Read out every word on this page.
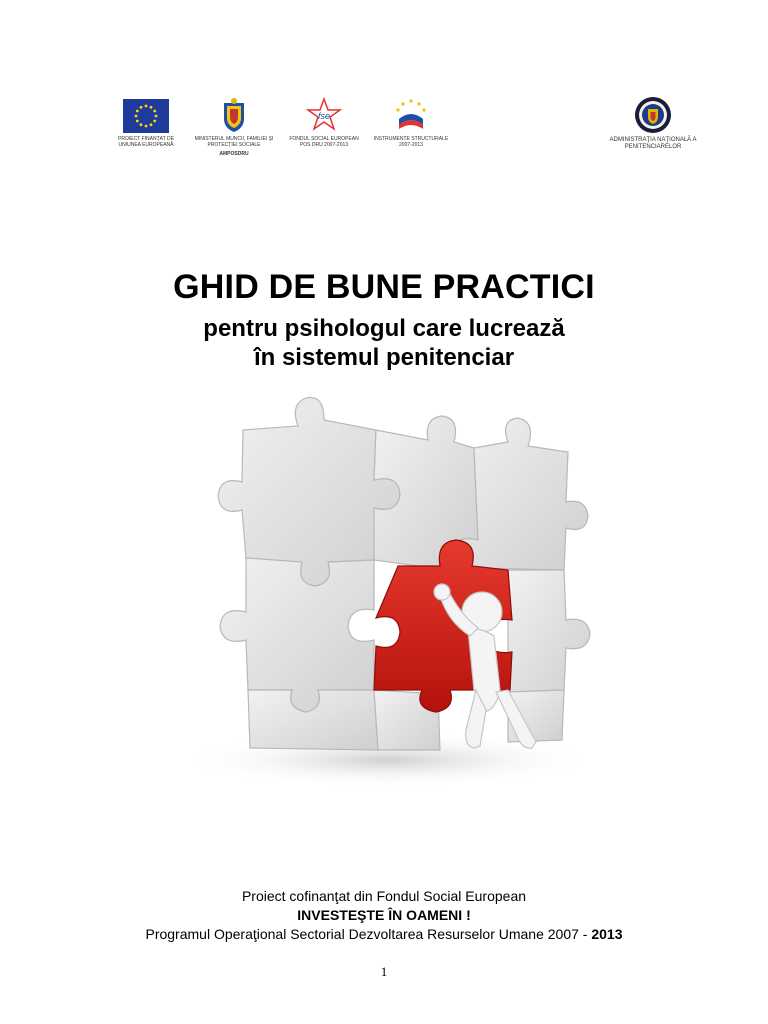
PROIECT FINANŢAT DE UNIUNEA EUROPEANĂ
MINISTERUL MUNCII, FAMILIEI ŞI PROTECŢIEI SOCIALE
AMPOSDRU
fse
FONDUL SOCIAL EUROPEAN POS DRU 2007-2013
INSTRUMENTE STRUCTURALE 2007-2013
ADMINISTRAŢIA NAŢIONALĂ A PENITENCIARELOR
GHID DE BUNE PRACTICI
pentru psihologul care lucrează
în sistemul penitenciar
Proiect cofinanţat din Fondul Social European
INVESTEŞTE ÎN OAMENI !
Programul Operaţional Sectorial Dezvoltarea Resurselor Umane 2007 - 2013
1
